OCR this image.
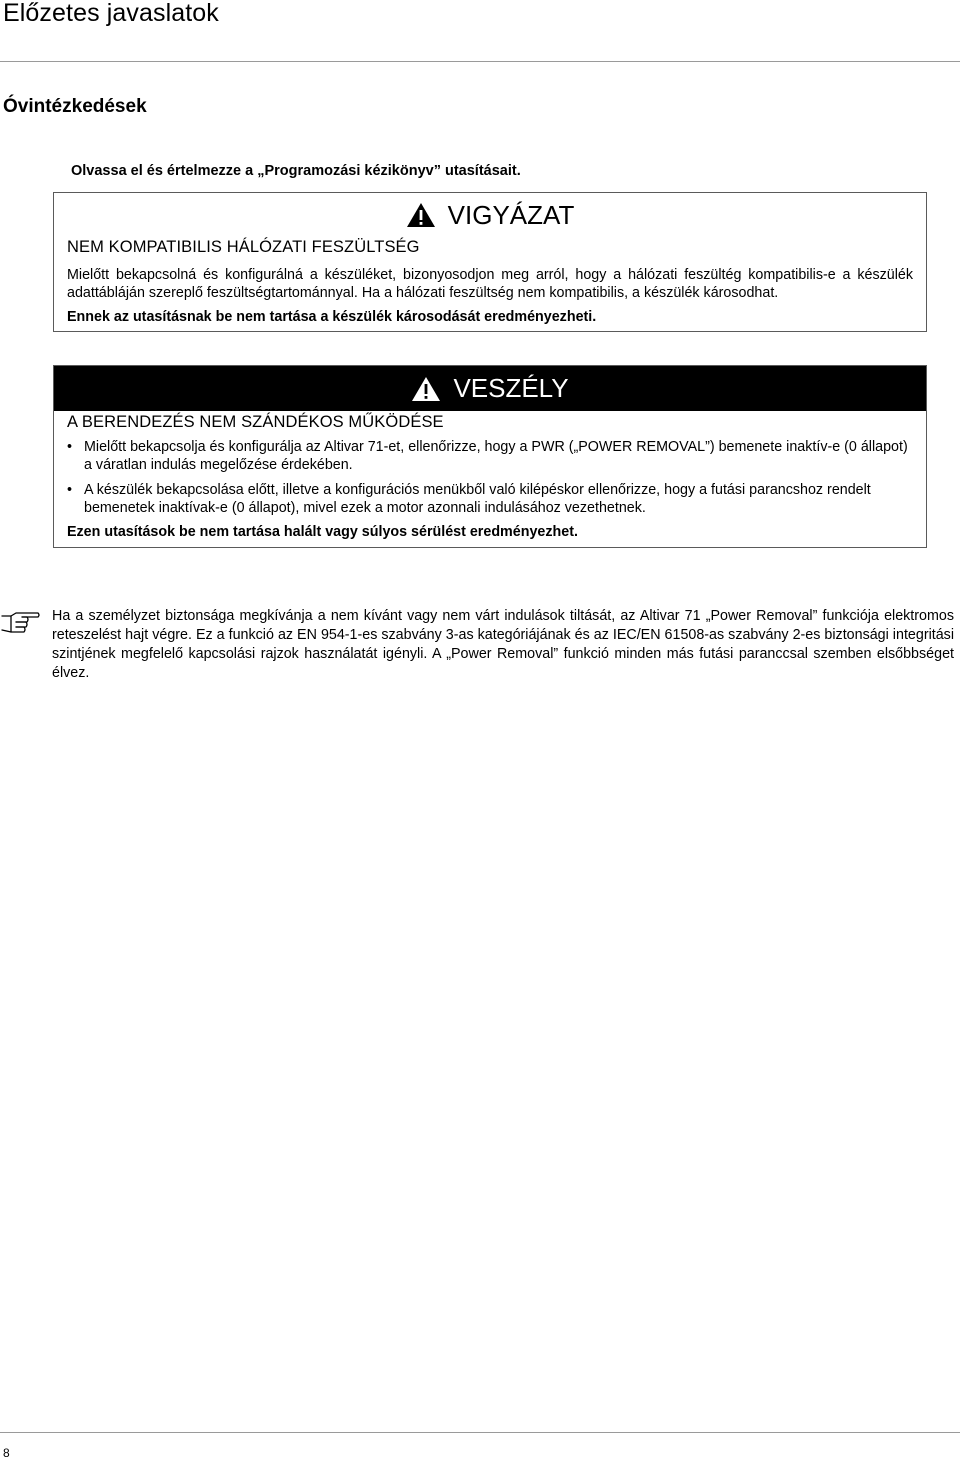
Előzetes javaslatok
Óvintézkedések

Olvassa el és értelmezze a „Programozási kézikönyv” utasításait.

VIGYÁZAT
NEM KOMPATIBILIS HÁLÓZATI FESZÜLTSÉG

Mielőtt bekapcsolná és konfigurálná a készüléket, bizonyosodjon meg arról, hogy a hálózati feszültég kompatibilis-e a készülék adattábláján szereplő feszültségtartománnyal. Ha a hálózati feszültség nem kompatibilis, a készülék károsodhat.

Ennek az utasításnak be nem tartása a készülék károsodását eredményezheti.

VESZÉLY
A BERENDEZÉS NEM SZÁNDÉKOS MŰKÖDÉSE
• Mielőtt bekapcsolja és konfigurálja az Altivar 71-et, ellenőrizze, hogy a PWR („POWER REMOVAL”) bemenete inaktív-e (0 állapot) a váratlan indulás megelőzése érdekében.
• A készülék bekapcsolása előtt, illetve a konfigurációs menükből való kilépéskor ellenőrizze, hogy a futási parancshoz rendelt bemenetek inaktívak-e (0 állapot), mivel ezek a motor azonnali indulásához vezethetnek.

Ezen utasítások be nem tartása halált vagy súlyos sérülést eredményezhet.

Ha a személyzet biztonsága megkívánja a nem kívánt vagy nem várt indulások tiltását, az Altivar 71 „Power Removal” funkciója elektromos reteszelést hajt végre. Ez a funkció az EN 954-1-es szabvány 3-as kategóriájának és az IEC/EN 61508-as szabvány 2-es biztonsági integritási szintjének megfelelő kapcsolási rajzok használatát igényli. A „Power Removal” funkció minden más futási paranccsal szemben elsőbbséget élvez.

8
